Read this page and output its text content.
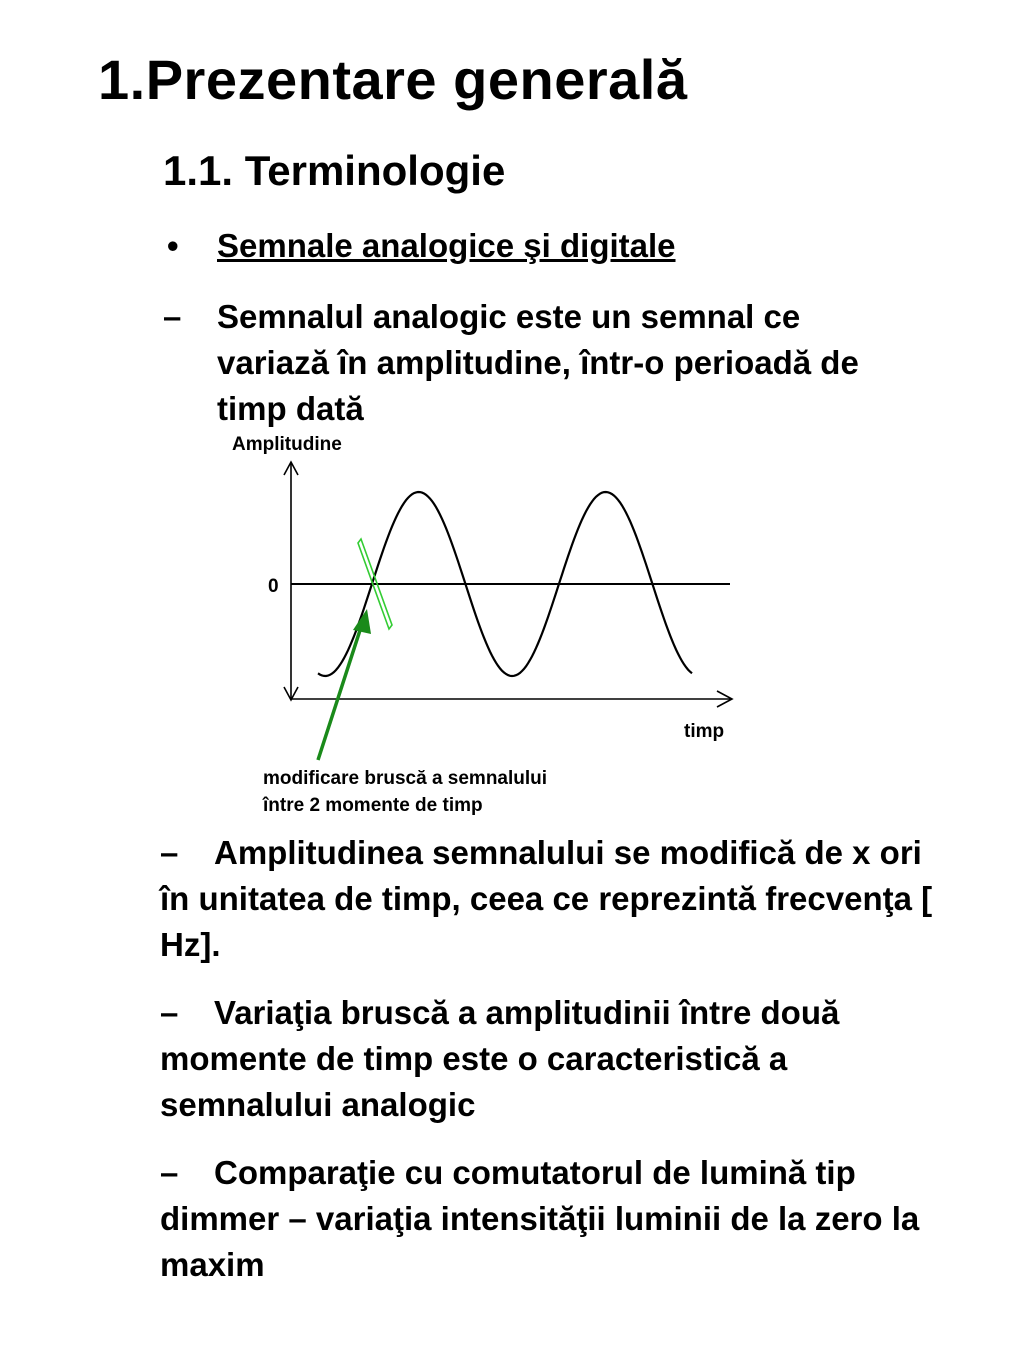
1.Prezentare generală
1.1. Terminologie
• Semnale analogice şi digitale
– Semnalul analogic este un semnal ce variază în amplitudine, într-o perioadă de timp dată
Amplitudine
0
timp
modificare bruscă a semnalului
între 2 momente de timp

– Amplitudinea semnalului se modifică de x ori în unitatea de timp, ceea ce reprezintă frecvenţa [ Hz].

– Variaţia bruscă a amplitudinii între două momente de timp este o caracteristică a semnalului analogic

– Comparaţie cu comutatorul de lumină tip dimmer – variaţia intensităţii luminii de la zero la maxim
